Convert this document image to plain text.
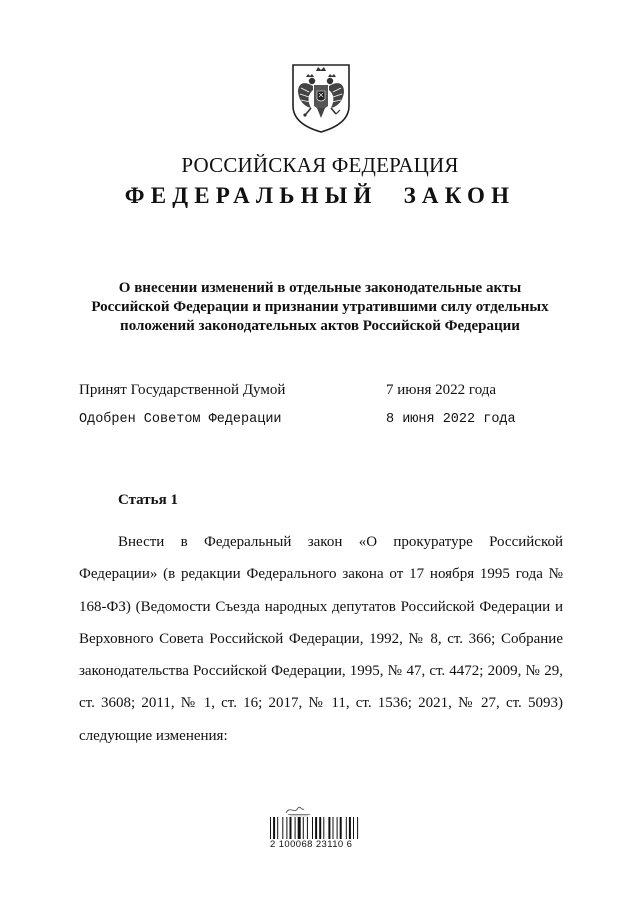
РОССИЙСКАЯ ФЕДЕРАЦИЯ
ФЕДЕРАЛЬНЫЙ ЗАКОН
О внесении изменений в отдельные законодательные акты
Российской Федерации и признании утратившими силу отдельных
положений законодательных актов Российской Федерации
Принят Государственной Думой	7 июня 2022 года
Одобрен Советом Федерации	8 июня 2022 года
Статья 1

Внести в Федеральный закон «О прокуратуре Российской Федерации» (в редакции Федерального закона от 17 ноября 1995 года № 168-ФЗ) (Ведомости Съезда народных депутатов Российской Федерации и Верховного Совета Российской Федерации, 1992, № 8, ст. 366; Собрание законодательства Российской Федерации, 1995, № 47, ст. 4472; 2009, № 29, ст. 3608; 2011, № 1, ст. 16; 2017, № 11, ст. 1536; 2021, № 27, ст. 5093) следующие изменения:

2 100068 23110 6
